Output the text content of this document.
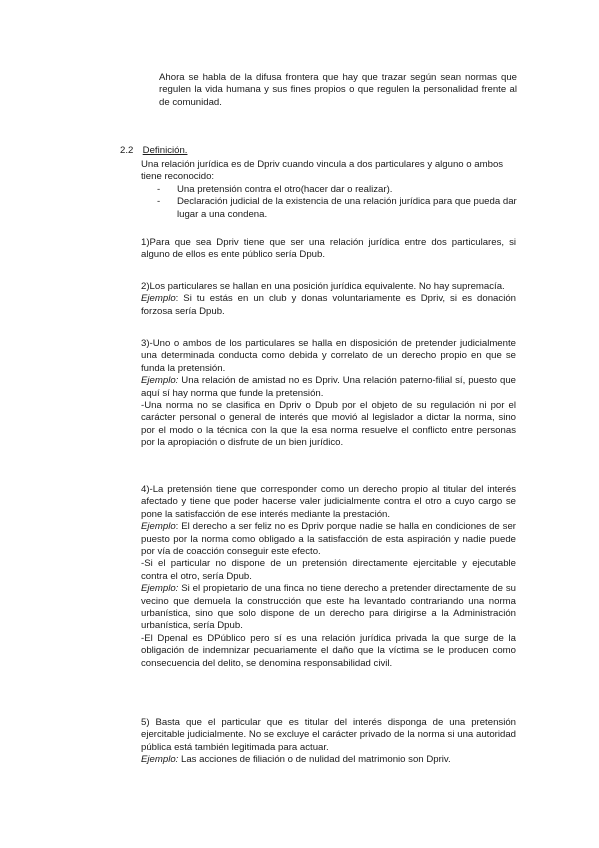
Ahora se habla de la difusa frontera que hay que trazar según sean normas que regulen la vida humana y sus fines propios o que regulen la personalidad frente al de comunidad.

2.2 Definición.

Una relación jurídica es de Dpriv cuando vincula a dos particulares y alguno o ambos tiene reconocido:

- Una pretensión contra el otro(hacer dar o realizar).
- Declaración judicial de la existencia de una relación jurídica para que pueda dar lugar a una condena.

1)Para que sea Dpriv tiene que ser una relación jurídica entre dos particulares, si alguno de ellos es ente público sería Dpub.

2)Los particulares se hallan en una posición jurídica equivalente. No hay supremacía.

Ejemplo: Si tu estás en un club y donas voluntariamente es Dpriv, si es donación forzosa sería Dpub.

3)-Uno o ambos de los particulares se halla en disposición de pretender judicialmente una determinada conducta como debida y correlato de un derecho propio en que se funda la pretensión.

Ejemplo: Una relación de amistad no es Dpriv. Una relación paterno-filial sí, puesto que aquí sí hay norma que funde la pretensión.

-Una norma no se clasifica en Dpriv o Dpub por el objeto de su regulación ni por el carácter personal o general de interés que movió al legislador a dictar la norma, sino por el modo o la técnica con la que la esa norma resuelve el conflicto entre personas por la apropiación o disfrute de un bien jurídico.

4)-La pretensión tiene que corresponder como un derecho propio al titular del interés afectado y tiene que poder hacerse valer judicialmente contra el otro a cuyo cargo se pone la satisfacción de ese interés mediante la prestación.

Ejemplo: El derecho a ser feliz no es Dpriv porque nadie se halla en condiciones de ser puesto por la norma como obligado a la satisfacción de esta aspiración y nadie puede por vía de coacción conseguir este efecto.

-Si el particular no dispone de un pretensión directamente ejercitable y ejecutable contra el otro, sería Dpub.

Ejemplo: Si el propietario de una finca no tiene derecho a pretender directamente de su vecino que demuela la construcción que este ha levantado contrariando una norma urbanística, sino que solo dispone de un derecho para dirigirse a la Administración urbanística, sería Dpub.

-El Dpenal es DPúblico pero sí es una relación jurídica privada la que surge de la obligación de indemnizar pecuariamente el daño que la víctima se le producen como consecuencia del delito, se denomina responsabilidad civil.

5) Basta que el particular que es titular del interés disponga de una pretensión ejercitable judicialmente. No se excluye el carácter privado de la norma si una autoridad pública está también legitimada para actuar.

Ejemplo: Las acciones de filiación o de nulidad del matrimonio son Dpriv.
